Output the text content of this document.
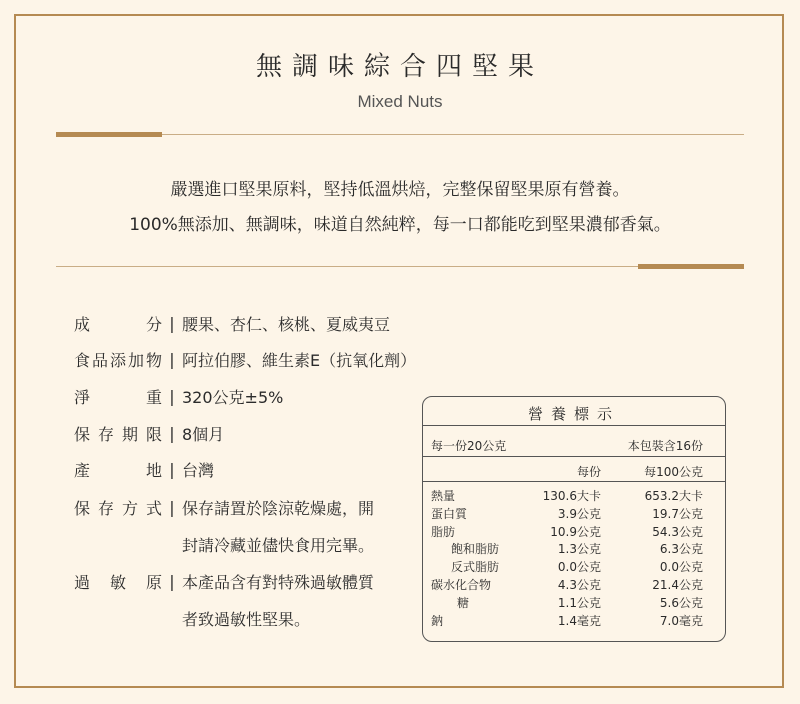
無調味綜合四堅果
Mixed Nuts
嚴選進口堅果原料，堅持低溫烘焙，完整保留堅果原有營養。
100%無添加、無調味，味道自然純粹，每一口都能吃到堅果濃郁香氣。
成	分 | 腰果、杏仁、核桃、夏威夷豆
食 品 添 加 物 | 阿拉伯膠、維生素E（抗氧化劑）
淨	重 | 320公克±5%
保 存 期 限 | 8個月
產	地 | 台灣
保 存 方 式 | 保存請置於陰涼乾燥處，開
封請冷藏並儘快食用完畢。
過 敏 原 | 本產品含有對特殊過敏體質
者致過敏性堅果。
營養標示
每一份20公克	本包裝含16份
每份	每100公克
熱量	130.6大卡	653.2大卡
蛋白質	3.9公克	19.7公克
脂肪	10.9公克	54.3公克
飽和脂肪	1.3公克	6.3公克
反式脂肪	0.0公克	0.0公克
碳水化合物	4.3公克	21.4公克
糖	1.1公克	5.6公克
鈉	1.4毫克	7.0毫克
